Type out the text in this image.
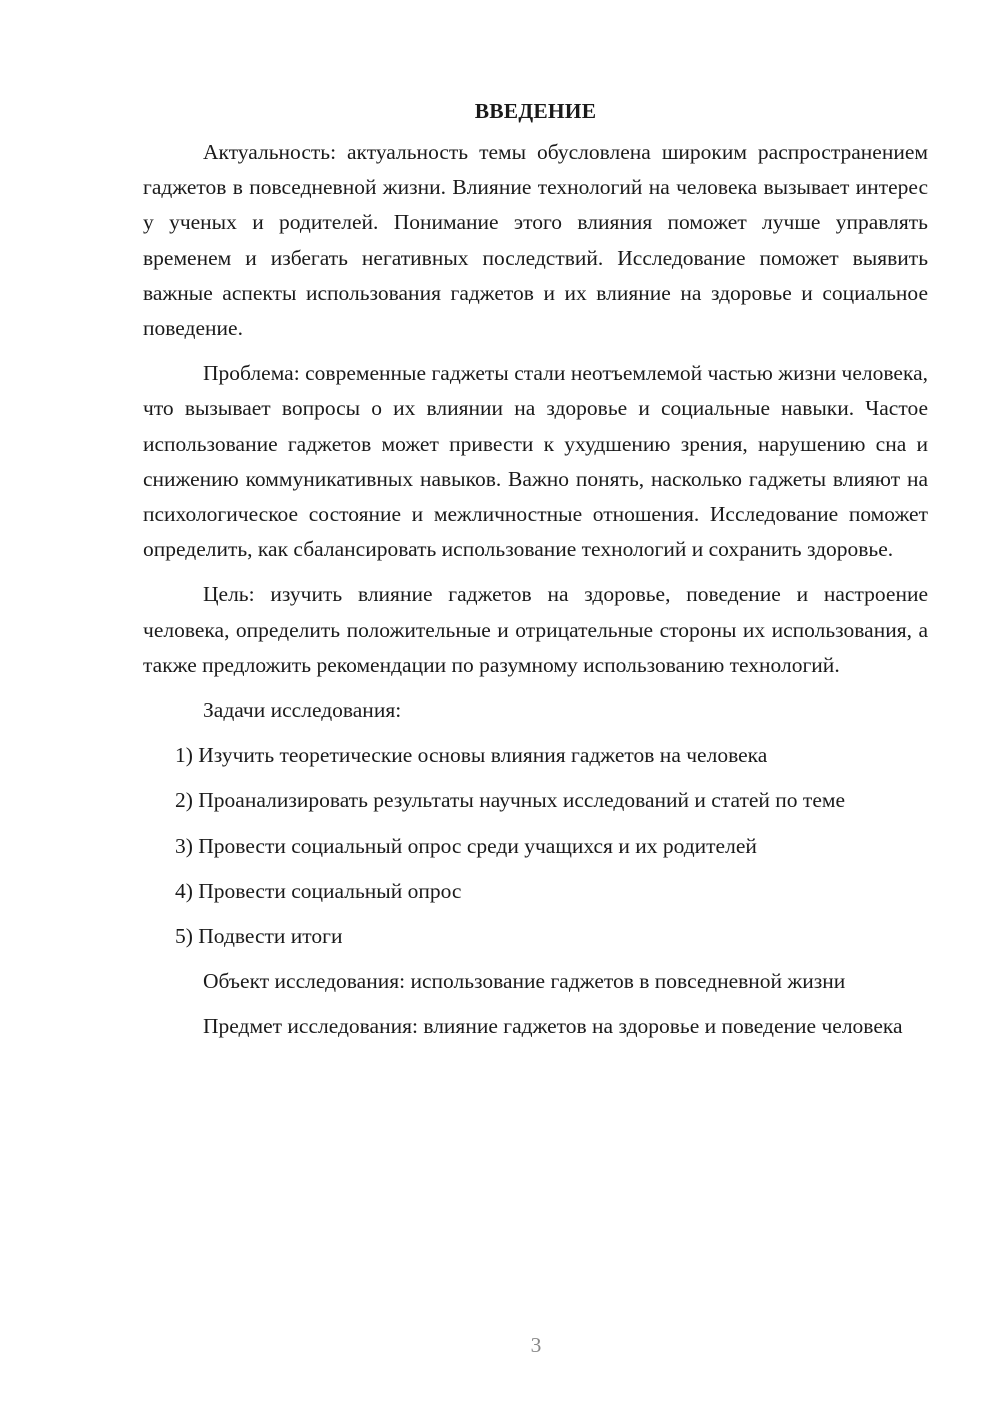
ВВЕДЕНИЕ

Актуальность: актуальность темы обусловлена широким распространением гаджетов в повседневной жизни. Влияние технологий на человека вызывает интерес у ученых и родителей. Понимание этого влияния поможет лучше управлять временем и избегать негативных последствий. Исследование поможет выявить важные аспекты использования гаджетов и их влияние на здоровье и социальное поведение.

Проблема: современные гаджеты стали неотъемлемой частью жизни человека, что вызывает вопросы о их влиянии на здоровье и социальные навыки. Частое использование гаджетов может привести к ухудшению зрения, нарушению сна и снижению коммуникативных навыков. Важно понять, насколько гаджеты влияют на психологическое состояние и межличностные отношения. Исследование поможет определить, как сбалансировать использование технологий и сохранить здоровье.

Цель: изучить влияние гаджетов на здоровье, поведение и настроение человека, определить положительные и отрицательные стороны их использования, а также предложить рекомендации по разумному использованию технологий.

Задачи исследования:

1) Изучить теоретические основы влияния гаджетов на человека

2) Проанализировать результаты научных исследований и статей по теме

3) Провести социальный опрос среди учащихся и их родителей

4) Провести социальный опрос

5) Подвести итоги

Объект исследования: использование гаджетов в повседневной жизни

Предмет исследования: влияние гаджетов на здоровье и поведение человека

3
